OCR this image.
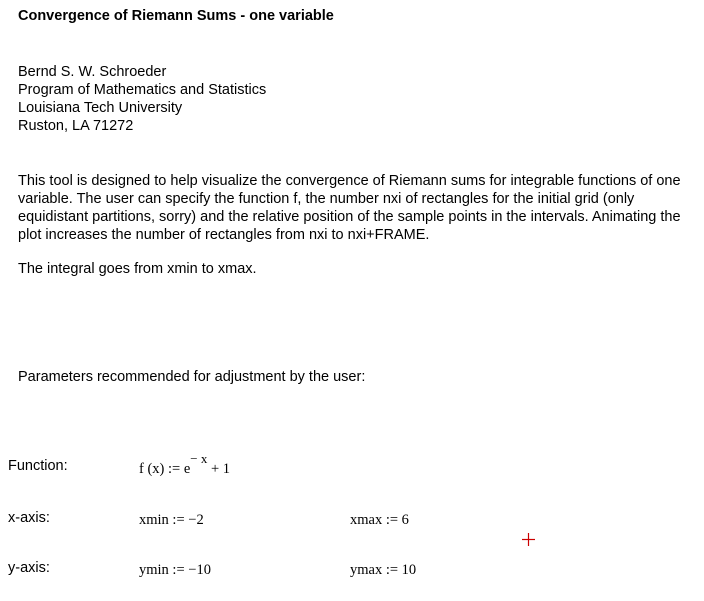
Convergence of Riemann Sums - one variable
Bernd S. W. Schroeder
Program of Mathematics and Statistics
Louisiana Tech University
Ruston, LA 71272
This tool is designed to help visualize the convergence of Riemann sums for integrable functions of one variable. The user can specify the function f, the number nxi of rectangles for the initial grid (only equidistant partitions, sorry) and the relative position of the sample points in the intervals. Animating the plot increases the number of rectangles from nxi to nxi+FRAME.
The integral goes from xmin to xmax.
Parameters recommended for adjustment by the user:
Function:	f (x) := e− x + 1
x-axis:	xmin := −2	xmax := 6
y-axis:	ymin := −10	ymax := 10
